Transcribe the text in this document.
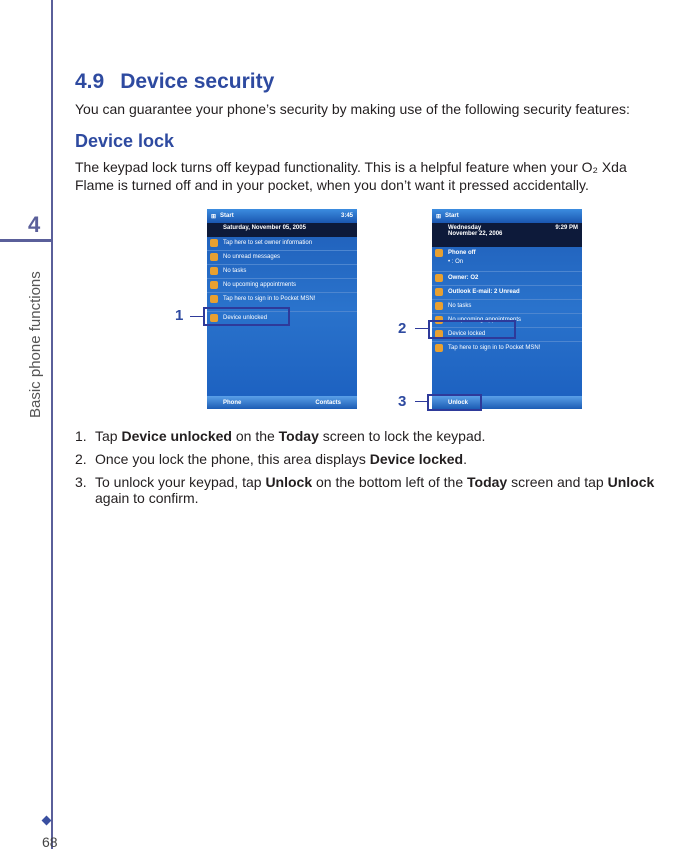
4
Basic phone functions
68
4.9 Device security
You can guarantee your phone’s security by making use of the following security features:
Device lock
The keypad lock turns off keypad functionality. This is a helpful feature when your O₂ Xda Flame is turned off and in your pocket, when you don’t want it pressed accidentally.
⊞ Start	3:45
Saturday, November 05, 2005
Tap here to set owner information
No unread messages
No tasks
No upcoming appointments
Tap here to sign in to Pocket MSN!
Device unlocked
Phone	Contacts
⊞ Start
Wednesday
November 22, 2006
9:29 PM
Phone off
• : On
Owner: O2
Outlook E-mail: 2 Unread
No tasks
No upcoming appointments
Device locked
Tap here to sign in to Pocket MSN!
Unlock
1
2
3
1. Tap Device unlocked on the Today screen to lock the keypad.
2. Once you lock the phone, this area displays Device locked.
3. To unlock your keypad, tap Unlock on the bottom left of the Today screen and tap Unlock again to confirm.
